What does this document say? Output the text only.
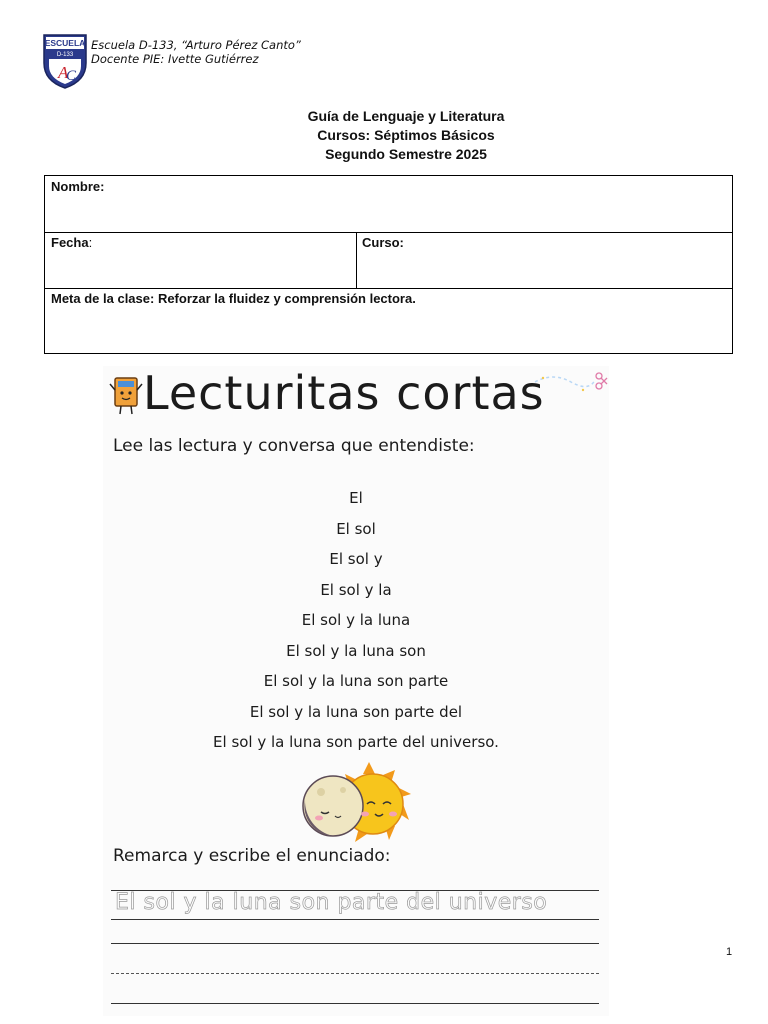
ESCUELA
D-133
A
C
Escuela D-133, “Arturo Pérez Canto”
Docente PIE: Ivette Gutiérrez
Guía de Lenguaje y Literatura
Cursos: Séptimos Básicos
Segundo Semestre 2025
Nombre:
Fecha:	Curso:
Meta de la clase: Reforzar la fluidez y comprensión lectora.
Lecturitas cortas
Lee las lectura y conversa que entendiste:
El
El sol
El sol y
El sol y la
El sol y la luna
El sol y la luna son
El sol y la luna son parte
El sol y la luna son parte del
El sol y la luna son parte del universo.
Remarca y escribe el enunciado:
El sol y la luna son parte del universo
1
